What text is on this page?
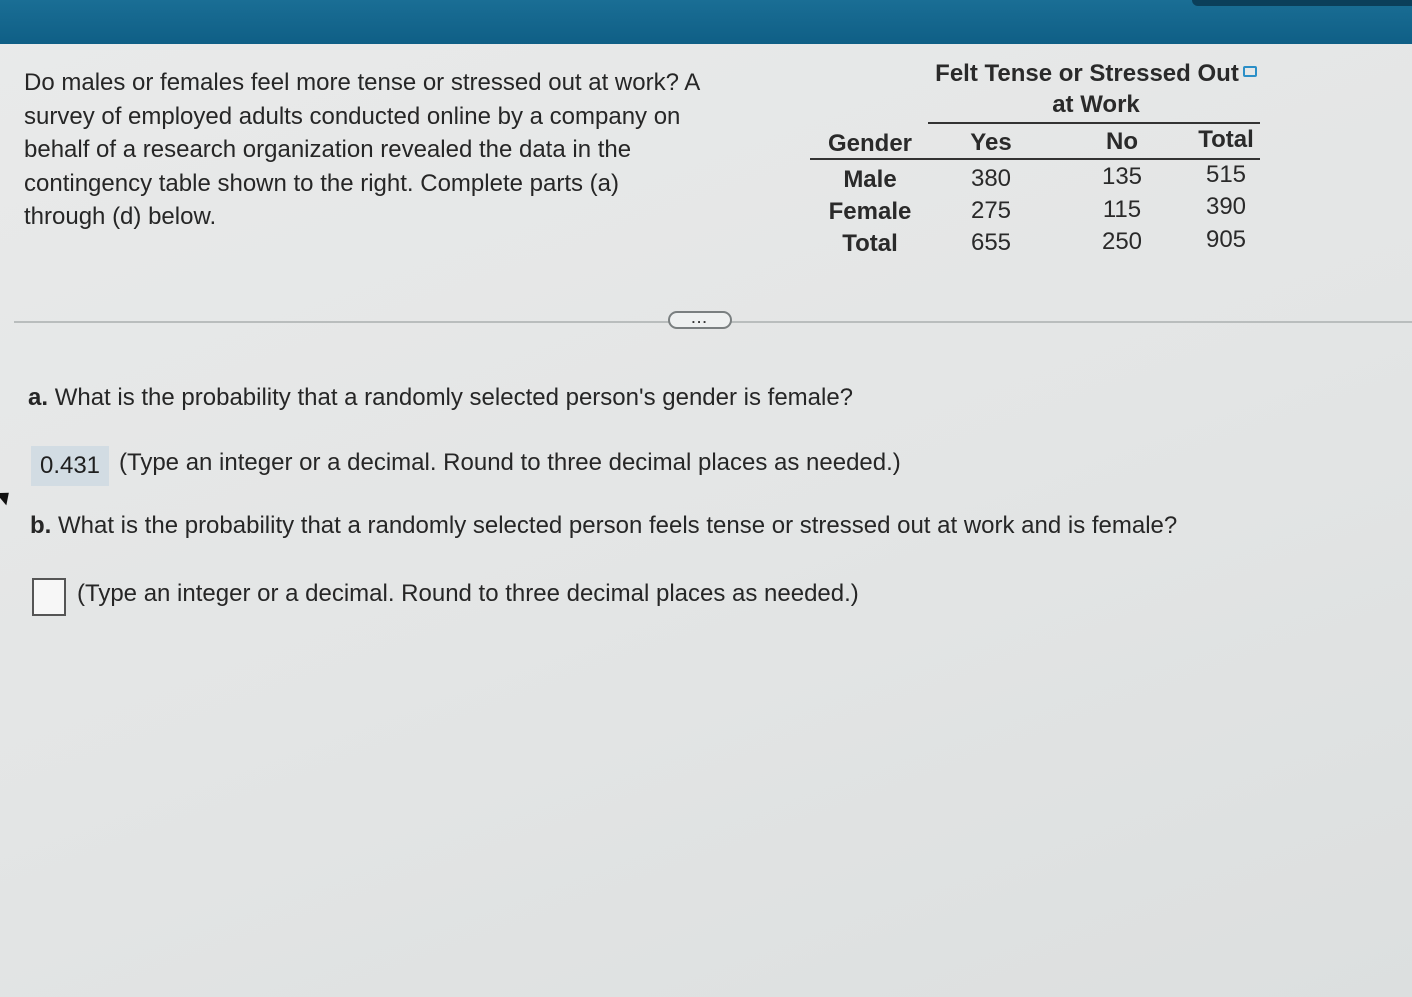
Do males or females feel more tense or stressed out at work? A
survey of employed adults conducted online by a company on
behalf of a research organization revealed the data in the
contingency table shown to the right. Complete parts (a)
through (d) below.
Felt Tense or Stressed Out
at Work
Gender	Yes	No	Total
Male	380	135	515
Female	275	115	390
Total	655	250	905
...
a. What is the probability that a randomly selected person's gender is female?
0.431 (Type an integer or a decimal. Round to three decimal places as needed.)
b. What is the probability that a randomly selected person feels tense or stressed out at work and is female?
(Type an integer or a decimal. Round to three decimal places as needed.)
